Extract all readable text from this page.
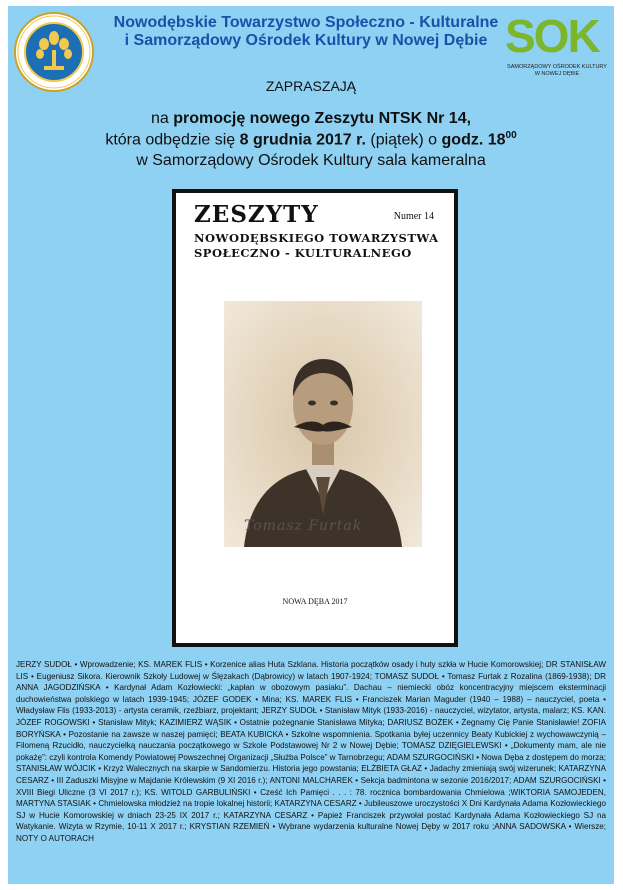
Nowodębskie Towarzystwo Społeczno - Kulturalne
i Samorządowy Ośrodek Kultury w Nowej Dębie SOK
SAMORZĄDOWY OŚRODEK KULTURY W NOWEJ DĘBIE
ZAPRASZAJĄ
na promocję nowego Zeszytu NTSK Nr 14,
która odbędzie się 8 grudnia 2017 r. (piątek) o godz. $18^{00}$
w Samorządowy Ośrodek Kultury sala kameralna
ZESZYTY	Numer 14
NOWODĘBSKIEGO TOWARZYSTWA
SPOŁECZNO - KULTURALNEGO
Tomasz Furtak
NOWA DĘBA 2017
JERZY SUDOŁ • Wprowadzenie; KS. MAREK FLIS • Korzenice alias Huta Szklana. Historia początków osady i huty szkła w Hucie Komorowskiej; DR STANISŁAW LIS • Eugeniusz Sikora. Kierownik Szkoły Ludowej w Ślęzakach (Dąbrowicy) w latach 1907-1924; TOMASZ SUDOŁ • Tomasz Furtak z Rozalina (1869-1938); DR ANNA JAGODZIŃSKA • Kardynał Adam Kozłowiecki: „kapłan w obozowym pasiaku”. Dachau – niemiecki obóz koncentracyjny miejscem eksterminacji duchowieństwa polskiego w latach 1939-1945; JÓZEF GODEK • Mina; KS. MAREK FLIS • Franciszek Marian Maguder (1940 – 1988) – nauczyciel, poeta • Władysław Flis (1933-2013) - artysta ceramik, rzeźbiarz, projektant; JERZY SUDOŁ • Stanisław Mityk (1933-2016) - nauczyciel, wizytator, artysta, malarz; KS. KAN. JÓZEF ROGOWSKI • Stanisław Mityk; KAZIMIERZ WĄSIK • Ostatnie pożegnanie Stanisława Mityka; DARIUSZ BOŻEK • Żegnamy Cię Panie Stanisławie! ZOFIA BORYŃSKA • Pozostanie na zawsze w naszej pamięci; BEATA KUBICKA • Szkolne wspomnienia. Spotkania byłej uczennicy Beaty Kubickiej z wychowawczynią – Filomeną Rzucidło, nauczycielką nauczania początkowego w Szkole Podstawowej Nr 2 w Nowej Dębie; TOMASZ DZIĘGIELEWSKI • „Dokumenty mam, ale nie pokażę”: czyli kontrola Komendy Powiatowej Powszechnej Organizacji „Służba Polsce” w Tarnobrzegu; ADAM SZURGOCIŃSKI • Nowa Dęba z dostępem do morza; STANISŁAW WÓJCIK • Krzyż Walecznych na skarpie w Sandomierzu. Historia jego powstania; ELŻBIETA GŁAZ • Jadachy zmieniają swój wizerunek; KATARZYNA CESARZ • III Zaduszki Misyjne w Majdanie Królewskim (9 XI 2016 r.); ANTONI MALCHAREK • Sekcja badmintona w sezonie 2016/2017; ADAM SZURGOCIŃSKI • XVIII Biegi Uliczne (3 VI 2017 r.); KS. WITOLD GARBULIŃSKI • Cześć Ich Pamięci . . . : 78. rocznica bombardowania Chmielowa ;WIKTORIA SAMOJEDEN, MARTYNA STASIAK • Chmielowska młodzież na tropie lokalnej historii; KATARZYNA CESARZ • Jubileuszowe uroczystości X Dni Kardynała Adama Kozłowieckiego SJ w Hucie Komorowskiej w dniach 23-25 IX 2017 r.; KATARZYNA CESARZ • Papież Franciszek przywołał postać Kardynała Adama Kozłowieckiego SJ na Watykanie. Wizyta w Rzymie, 10-11 X 2017 r.; KRYSTIAN RZEMIEŃ • Wybrane wydarzenia kulturalne Nowej Dęby w 2017 roku ;ANNA SADOWSKA • Wiersze; NOTY O AUTORACH
